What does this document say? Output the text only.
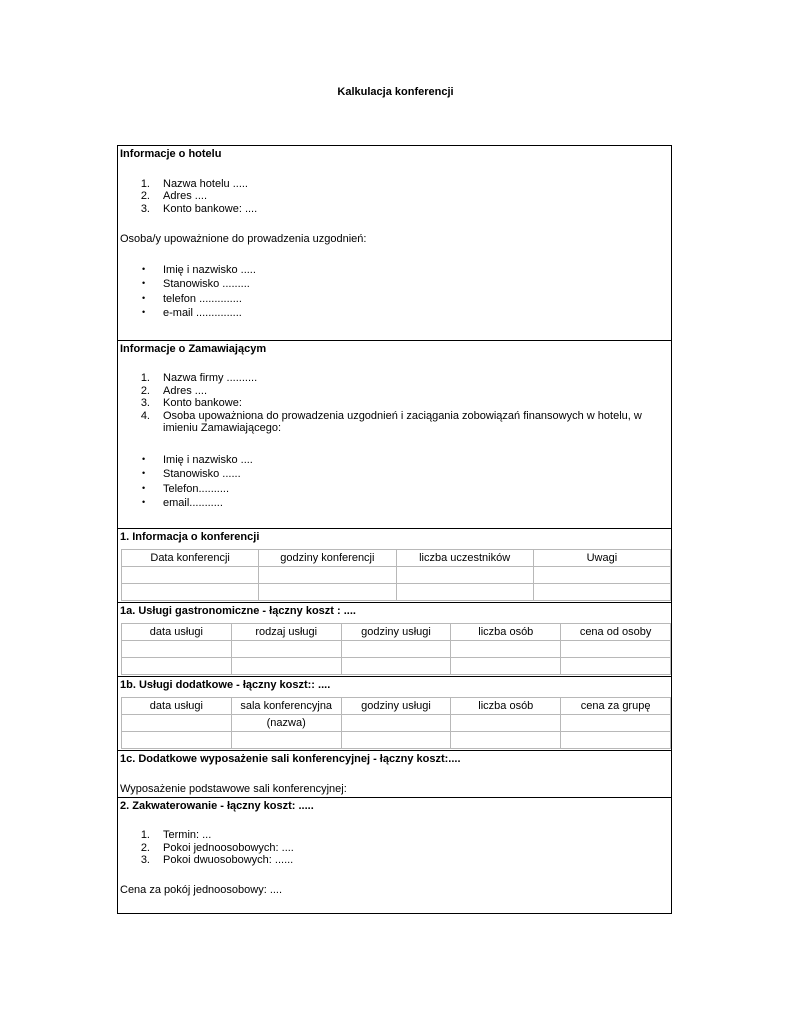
Kalkulacja konferencji
Informacje o hotelu
1. Nazwa hotelu .....
2. Adres ....
3. Konto bankowe: ....
Osoba/y upoważnione do prowadzenia uzgodnień:
• Imię i nazwisko .....
• Stanowisko .........
• telefon ..............
• e-mail ...............
Informacje o Zamawiającym
1. Nazwa firmy ..........
2. Adres ....
3. Konto bankowe:
4. Osoba upoważniona do prowadzenia uzgodnień i zaciągania zobowiązań finansowych w hotelu, w
imieniu Zamawiającego:
• Imię i nazwisko ....
• Stanowisko ......
• Telefon..........
• email...........
1. Informacja o konferencji
Data konferencji	godziny konferencji	liczba uczestników	Uwagi

1a. Usługi gastronomiczne - łączny koszt : ....
data usługi	rodzaj usługi	godziny usługi	liczba osób	cena od osoby

1b. Usługi dodatkowe - łączny koszt:: ....
data usługi	sala konferencyjna	godziny usługi	liczba osób	cena za grupę
	(nazwa)			

1c. Dodatkowe wyposażenie sali konferencyjnej - łączny koszt:....
Wyposażenie podstawowe sali konferencyjnej:
2. Zakwaterowanie - łączny koszt: .....
1. Termin: ...
2. Pokoi jednoosobowych: ....
3. Pokoi dwuosobowych: ......
Cena za pokój jednoosobowy: ....
